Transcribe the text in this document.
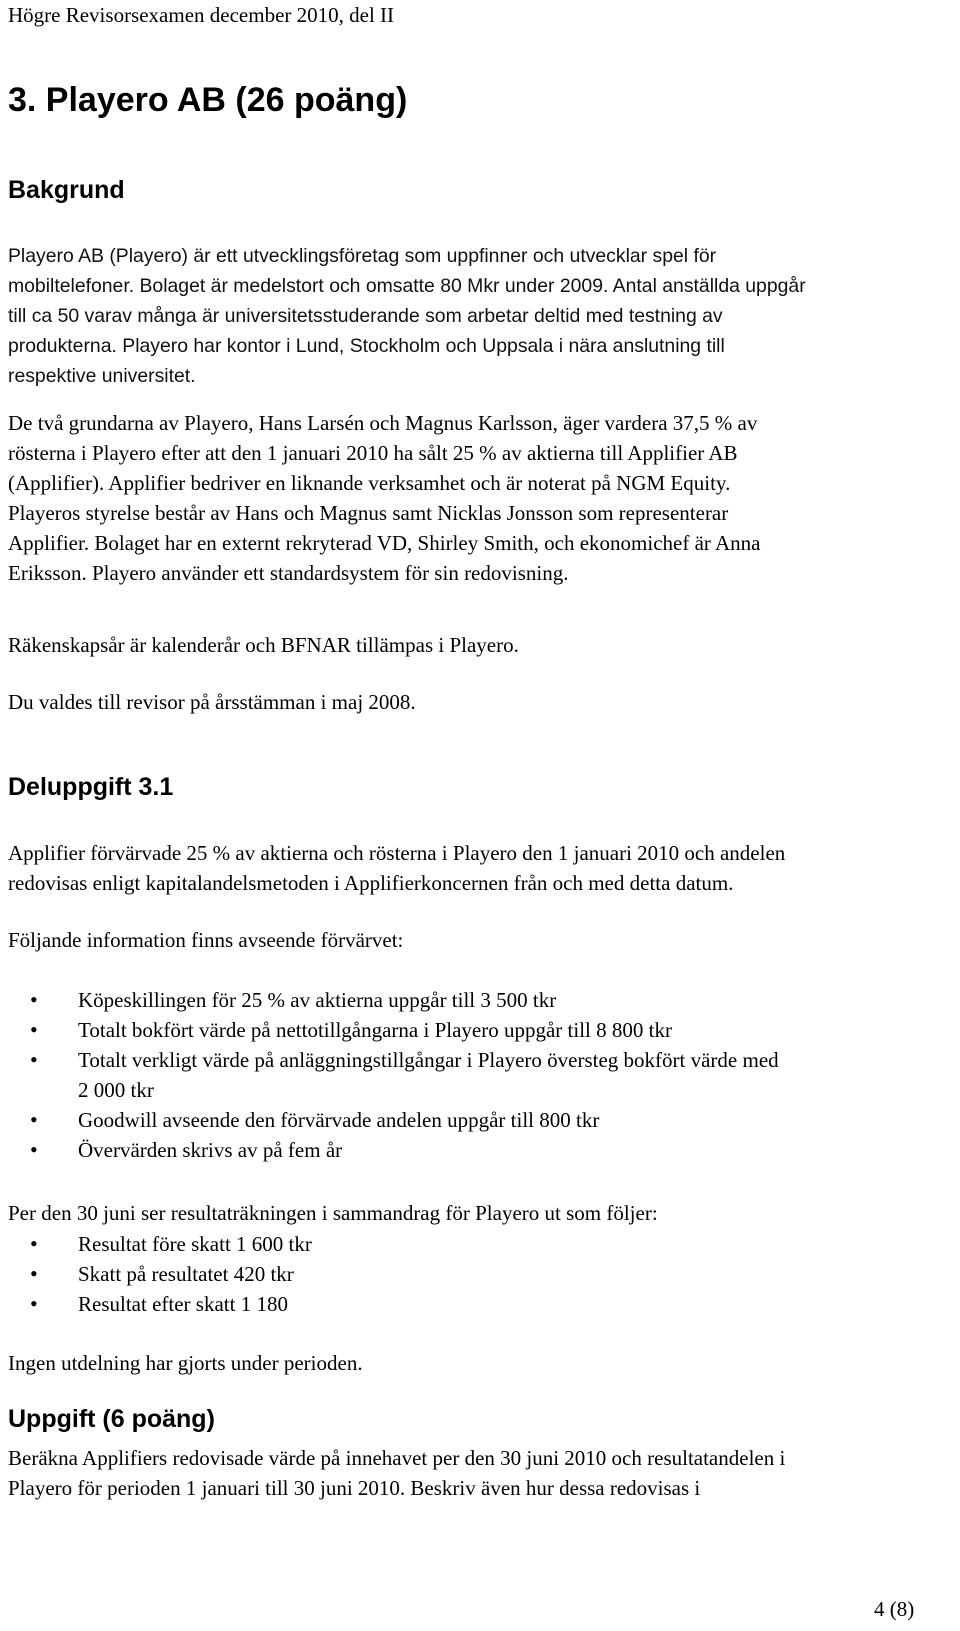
Högre Revisorsexamen december 2010, del II
3. Playero AB (26 poäng)
Bakgrund
Playero AB (Playero) är ett utvecklingsföretag som uppfinner och utvecklar spel för
mobiltelefoner. Bolaget är medelstort och omsatte 80 Mkr under 2009. Antal anställda uppgår
till ca 50 varav många är universitetsstuderande som arbetar deltid med testning av
produkterna. Playero har kontor i Lund, Stockholm och Uppsala i nära anslutning till
respektive universitet.
De två grundarna av Playero, Hans Larsén och Magnus Karlsson, äger vardera 37,5 % av
rösterna i Playero efter att den 1 januari 2010 ha sålt 25 % av aktierna till Applifier AB
(Applifier). Applifier bedriver en liknande verksamhet och är noterat på NGM Equity.
Playeros styrelse består av Hans och Magnus samt Nicklas Jonsson som representerar
Applifier. Bolaget har en externt rekryterad VD, Shirley Smith, och ekonomichef är Anna
Eriksson. Playero använder ett standardsystem för sin redovisning.
Räkenskapsår är kalenderår och BFNAR tillämpas i Playero.
Du valdes till revisor på årsstämman i maj 2008.
Deluppgift 3.1
Applifier förvärvade 25 % av aktierna och rösterna i Playero den 1 januari 2010 och andelen
redovisas enligt kapitalandelsmetoden i Applifierkoncernen från och med detta datum.
Följande information finns avseende förvärvet:
• Köpeskillingen för 25 % av aktierna uppgår till 3 500 tkr
• Totalt bokfört värde på nettotillgångarna i Playero uppgår till 8 800 tkr
• Totalt verkligt värde på anläggningstillgångar i Playero översteg bokfört värde med
2 000 tkr
• Goodwill avseende den förvärvade andelen uppgår till 800 tkr
• Övervärden skrivs av på fem år
Per den 30 juni ser resultaträkningen i sammandrag för Playero ut som följer:
• Resultat före skatt 1 600 tkr
• Skatt på resultatet 420 tkr
• Resultat efter skatt 1 180
Ingen utdelning har gjorts under perioden.
Uppgift (6 poäng)
Beräkna Applifiers redovisade värde på innehavet per den 30 juni 2010 och resultatandelen i
Playero för perioden 1 januari till 30 juni 2010. Beskriv även hur dessa redovisas i
4 (8)
